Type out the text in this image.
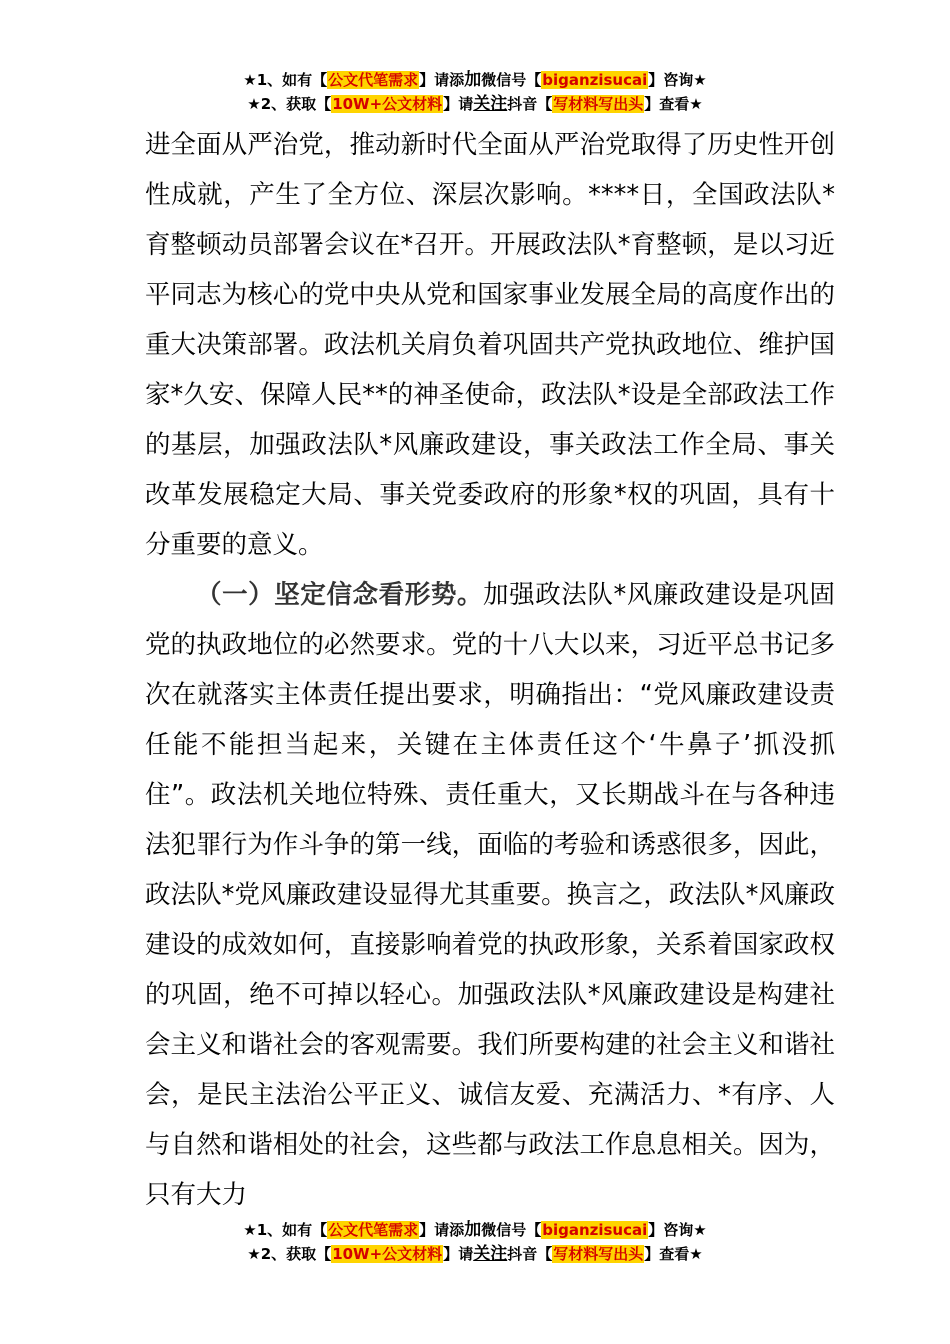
★1、如有【公文代笔需求】请添加微信号【biganzisucai】咨询★
★2、获取【10W+公文材料】请关注抖音【写材料写出头】查看★

进全面从严治党，推动新时代全面从严治党取得了历史性开创性成就，产生了全方位、深层次影响。****日，全国政法队*育整顿动员部署会议在*召开。开展政法队*育整顿，是以习近平同志为核心的党中央从党和国家事业发展全局的高度作出的重大决策部署。政法机关肩负着巩固共产党执政地位、维护国家*久安、保障人民**的神圣使命，政法队*设是全部政法工作的基层，加强政法队*风廉政建设，事关政法工作全局、事关改革发展稳定大局、事关党委政府的形象*权的巩固，具有十分重要的意义。

（一）坚定信念看形势。加强政法队*风廉政建设是巩固党的执政地位的必然要求。党的十八大以来，习近平总书记多次在就落实主体责任提出要求，明确指出：“党风廉政建设责任能不能担当起来，关键在主体责任这个‘牛鼻子’抓没抓住”。政法机关地位特殊、责任重大，又长期战斗在与各种违法犯罪行为作斗争的第一线，面临的考验和诱惑很多，因此，政法队*党风廉政建设显得尤其重要。换言之，政法队*风廉政建设的成效如何，直接影响着党的执政形象，关系着国家政权的巩固，绝不可掉以轻心。加强政法队*风廉政建设是构建社会主义和谐社会的客观需要。我们所要构建的社会主义和谐社会，是民主法治公平正义、诚信友爱、充满活力、*有序、人与自然和谐相处的社会，这些都与政法工作息息相关。因为，只有大力

★1、如有【公文代笔需求】请添加微信号【biganzisucai】咨询★
★2、获取【10W+公文材料】请关注抖音【写材料写出头】查看★
